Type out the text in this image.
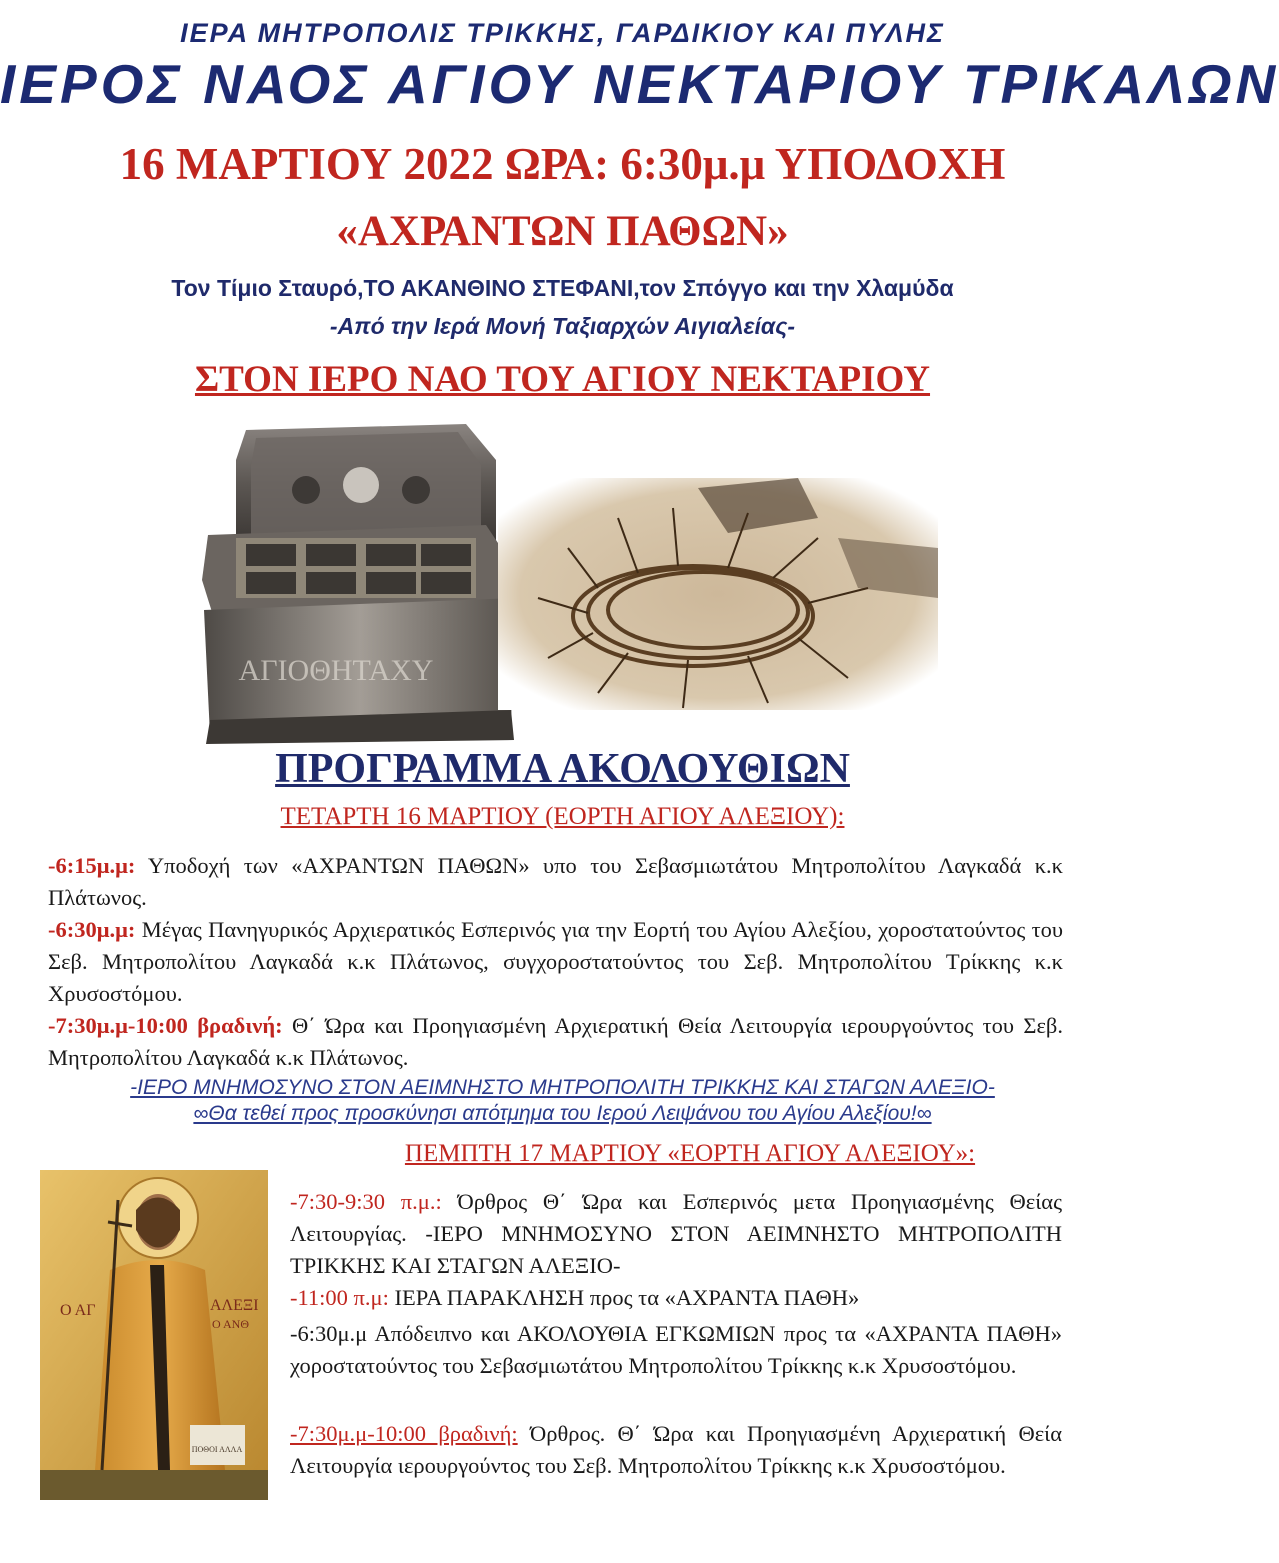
ΙΕΡΑ ΜΗΤΡΟΠΟΛΙΣ ΤΡΙΚΚΗΣ, ΓΑΡΔΙΚΙΟΥ ΚΑΙ ΠΥΛΗΣ
ΙΕΡΟΣ ΝΑΟΣ ΑΓΙΟΥ ΝΕΚΤΑΡΙΟΥ ΤΡΙΚΑΛΩΝ
16 ΜΑΡΤΙΟΥ 2022 ΩΡΑ: 6:30μ.μ ΥΠΟΔΟΧΗ
«ΑΧΡΑΝΤΩΝ ΠΑΘΩΝ»
Τον Τίμιο Σταυρό,ΤΟ ΑΚΑΝΘΙΝΟ ΣΤΕΦΑΝΙ,τον Σπόγγο και την Χλαμύδα
-Από την Ιερά Μονή Ταξιαρχών Αιγιαλείας-
ΣΤΟΝ ΙΕΡΟ ΝΑΟ ΤΟΥ ΑΓΙΟΥ ΝΕΚΤΑΡΙΟΥ
ΑΓΙΟΘΗΤΑΧΥ
ΠΡΟΓΡΑΜΜΑ ΑΚΟΛΟΥΘΙΩΝ
ΤΕΤΑΡΤΗ 16 ΜΑΡΤΙΟΥ (ΕΟΡΤΗ ΑΓΙΟΥ ΑΛΕΞΙΟΥ):
-6:15μ.μ: Υποδοχή των «ΑΧΡΑΝΤΩΝ ΠΑΘΩΝ» υπο του Σεβασμιωτάτου Μητροπολίτου Λαγκαδά κ.κ Πλάτωνος.
-6:30μ.μ: Μέγας Πανηγυρικός Αρχιερατικός Εσπερινός για την Εορτή του Αγίου Αλεξίου, χοροστατούντος του Σεβ. Μητροπολίτου Λαγκαδά κ.κ Πλάτωνος, συγχοροστατούντος του Σεβ. Μητροπολίτου Τρίκκης κ.κ Χρυσοστόμου.
-7:30μ.μ-10:00 βραδινή: Θ΄ Ώρα και Προηγιασμένη Αρχιερατική Θεία Λειτουργία ιερουργούντος του Σεβ. Μητροπολίτου Λαγκαδά κ.κ Πλάτωνος.
-ΙΕΡΟ ΜΝΗΜΟΣΥΝΟ ΣΤΟΝ ΑΕΙΜΝΗΣΤΟ ΜΗΤΡΟΠΟΛΙΤΗ ΤΡΙΚΚΗΣ ΚΑΙ ΣΤΑΓΩΝ ΑΛΕΞΙΟ-
∞Θα τεθεί προς προσκύνησι απότμημα του Ιερού Λειψάνου του Αγίου Αλεξίου!∞
ΠΕΜΠΤΗ 17 ΜΑΡΤΙΟΥ «ΕΟΡΤΗ ΑΓΙΟΥ ΑΛΕΞΙΟΥ»:
Ο ΑΓ	ΑΛΕΞΙ
Ο ΑΝΘ
ΠΟΘΟΙ ΑΛΛΑ
-7:30-9:30 π.μ.: Όρθρος Θ΄ Ώρα και Εσπερινός μετα Προηγιασμένης Θείας Λειτουργίας. -ΙΕΡΟ ΜΝΗΜΟΣΥΝΟ ΣΤΟΝ ΑΕΙΜΝΗΣΤΟ ΜΗΤΡΟΠΟΛΙΤΗ ΤΡΙΚΚΗΣ ΚΑΙ ΣΤΑΓΩΝ ΑΛΕΞΙΟ-
-11:00 π.μ: ΙΕΡΑ ΠΑΡΑΚΛΗΣΗ προς τα «ΑΧΡΑΝΤΑ ΠΑΘΗ»
-6:30μ.μ Απόδειπνο και ΑΚΟΛΟΥΘΙΑ ΕΓΚΩΜΙΩΝ προς τα «ΑΧΡΑΝΤΑ ΠΑΘΗ» χοροστατούντος του Σεβασμιωτάτου Μητροπολίτου Τρίκκης κ.κ Χρυσοστόμου.
-7:30μ.μ-10:00 βραδινή: Όρθρος. Θ΄ Ώρα και Προηγιασμένη Αρχιερατική Θεία Λειτουργία ιερουργούντος του Σεβ. Μητροπολίτου Τρίκκης κ.κ Χρυσοστόμου.
